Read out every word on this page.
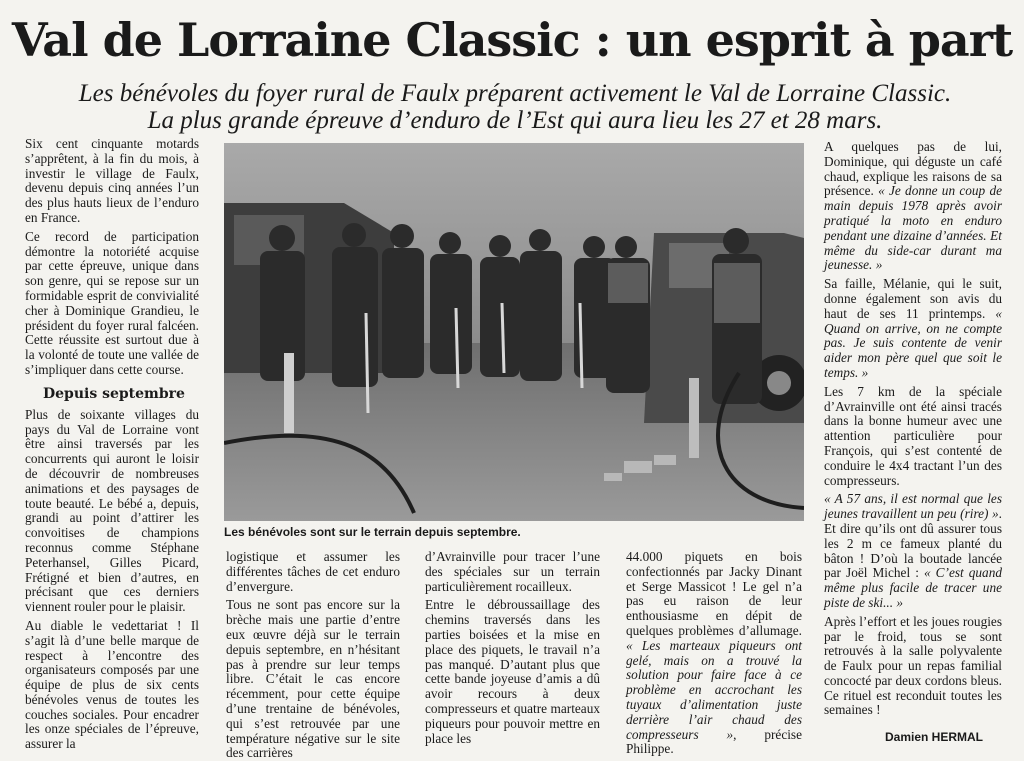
Val de Lorraine Classic : un esprit à part

Les bénévoles du foyer rural de Faulx préparent activement le Val de Lorraine Classic.

La plus grande épreuve d’enduro de l’Est qui aura lieu les 27 et 28 mars.

Six cent cinquante motards s’apprêtent, à la fin du mois, à investir le village de Faulx, devenu depuis cinq années l’un des plus hauts lieux de l’enduro en France.

Ce record de participation démontre la notoriété acquise par cette épreuve, unique dans son genre, qui se repose sur un formidable esprit de convivialité cher à Dominique Grandieu, le président du foyer rural falcéen. Cette réussite est surtout due à la volonté de toute une vallée de s’impliquer dans cette course.

Depuis septembre

Plus de soixante villages du pays du Val de Lorraine vont être ainsi traversés par les concurrents qui auront le loisir de découvrir de nombreuses animations et des paysages de toute beauté. Le bébé a, depuis, grandi au point d’attirer les convoitises de champions reconnus comme Stéphane Peterhansel, Gilles Picard, Frétigné et bien d’autres, en précisant que ces derniers viennent rouler pour le plaisir.

Au diable le vedettariat ! Il s’agit là d’une belle marque de respect à l’encontre des organisateurs composés par une équipe de plus de six cents bénévoles venus de toutes les couches sociales. Pour encadrer les onze spéciales de l’épreuve, assurer la

Les bénévoles sont sur le terrain depuis septembre.

logistique et assumer les différentes tâches de cet enduro d’envergure.

Tous ne sont pas encore sur la brèche mais une partie d’entre eux œuvre déjà sur le terrain depuis septembre, en n’hésitant pas à prendre sur leur temps libre. C’était le cas encore récemment, pour cette équipe d’une trentaine de bénévoles, qui s’est retrouvée par une température négative sur le site des carrières

d’Avrainville pour tracer l’une des spéciales sur un terrain particulièrement rocailleux.

Entre le débroussaillage des chemins traversés dans les parties boisées et la mise en place des piquets, le travail n’a pas manqué. D’autant plus que cette bande joyeuse d’amis a dû avoir recours à deux compresseurs et quatre marteaux piqueurs pour pouvoir mettre en place les

44.000 piquets en bois confectionnés par Jacky Dinant et Serge Massicot ! Le gel n’a pas eu raison de leur enthousiasme en dépit de quelques problèmes d’allumage. « Les marteaux piqueurs ont gelé, mais on a trouvé la solution pour faire face à ce problème en accrochant les tuyaux d’alimentation juste derrière l’air chaud des compresseurs », précise Philippe.

A quelques pas de lui, Dominique, qui déguste un café chaud, explique les raisons de sa présence. « Je donne un coup de main depuis 1978 après avoir pratiqué la moto en enduro pendant une dizaine d’années. Et même du side-car durant ma jeunesse. »

Sa faille, Mélanie, qui le suit, donne également son avis du haut de ses 11 printemps. « Quand on arrive, on ne compte pas. Je suis contente de venir aider mon père quel que soit le temps. »

Les 7 km de la spéciale d’Avrainville ont été ainsi tracés dans la bonne humeur avec une attention particulière pour François, qui s’est contenté de conduire le 4x4 tractant l’un des compresseurs.

« A 57 ans, il est normal que les jeunes travaillent un peu (rire) ». Et dire qu’ils ont dû assurer tous les 2 m ce fameux planté du bâton ! D’où la boutade lancée par Joël Michel : « C’est quand même plus facile de tracer une piste de ski... »

Après l’effort et les joues rougies par le froid, tous se sont retrouvés à la salle polyvalente de Faulx pour un repas familial concocté par deux cordons bleus. Ce rituel est reconduit toutes les semaines !

Damien HERMAL
